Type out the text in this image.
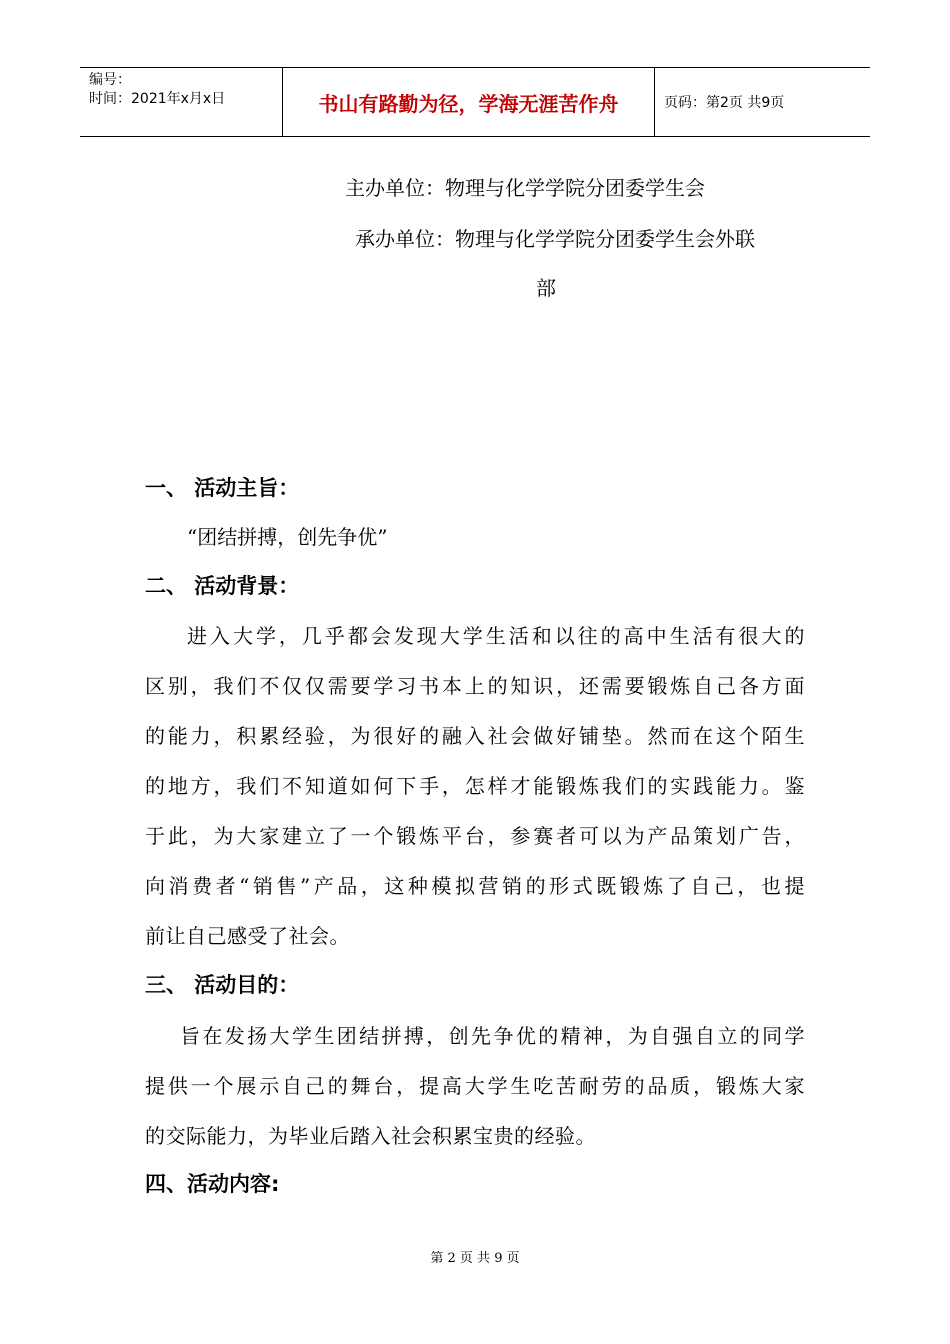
编号：
时间：2021年x月x日	书山有路勤为径，学海无涯苦作舟	页码：第2页 共9页
主办单位：物理与化学学院分团委学生会
承办单位：物理与化学学院分团委学生会外联
部
一、 活动主旨：
“团结拼搏，创先争优”
二、 活动背景：
进入大学，几乎都会发现大学生活和以往的高中生活有很大的
区别，我们不仅仅需要学习书本上的知识，还需要锻炼自己各方面
的能力，积累经验，为很好的融入社会做好铺垫。然而在这个陌生
的地方，我们不知道如何下手，怎样才能锻炼我们的实践能力。鉴
于此，为大家建立了一个锻炼平台，参赛者可以为产品策划广告，
向消费者“销售”产品，这种模拟营销的形式既锻炼了自己，也提
前让自己感受了社会。
三、 活动目的：
旨在发扬大学生团结拼搏，创先争优的精神，为自强自立的同学
提供一个展示自己的舞台，提高大学生吃苦耐劳的品质，锻炼大家
的交际能力，为毕业后踏入社会积累宝贵的经验。
四、活动内容:
第 2 页 共 9 页
